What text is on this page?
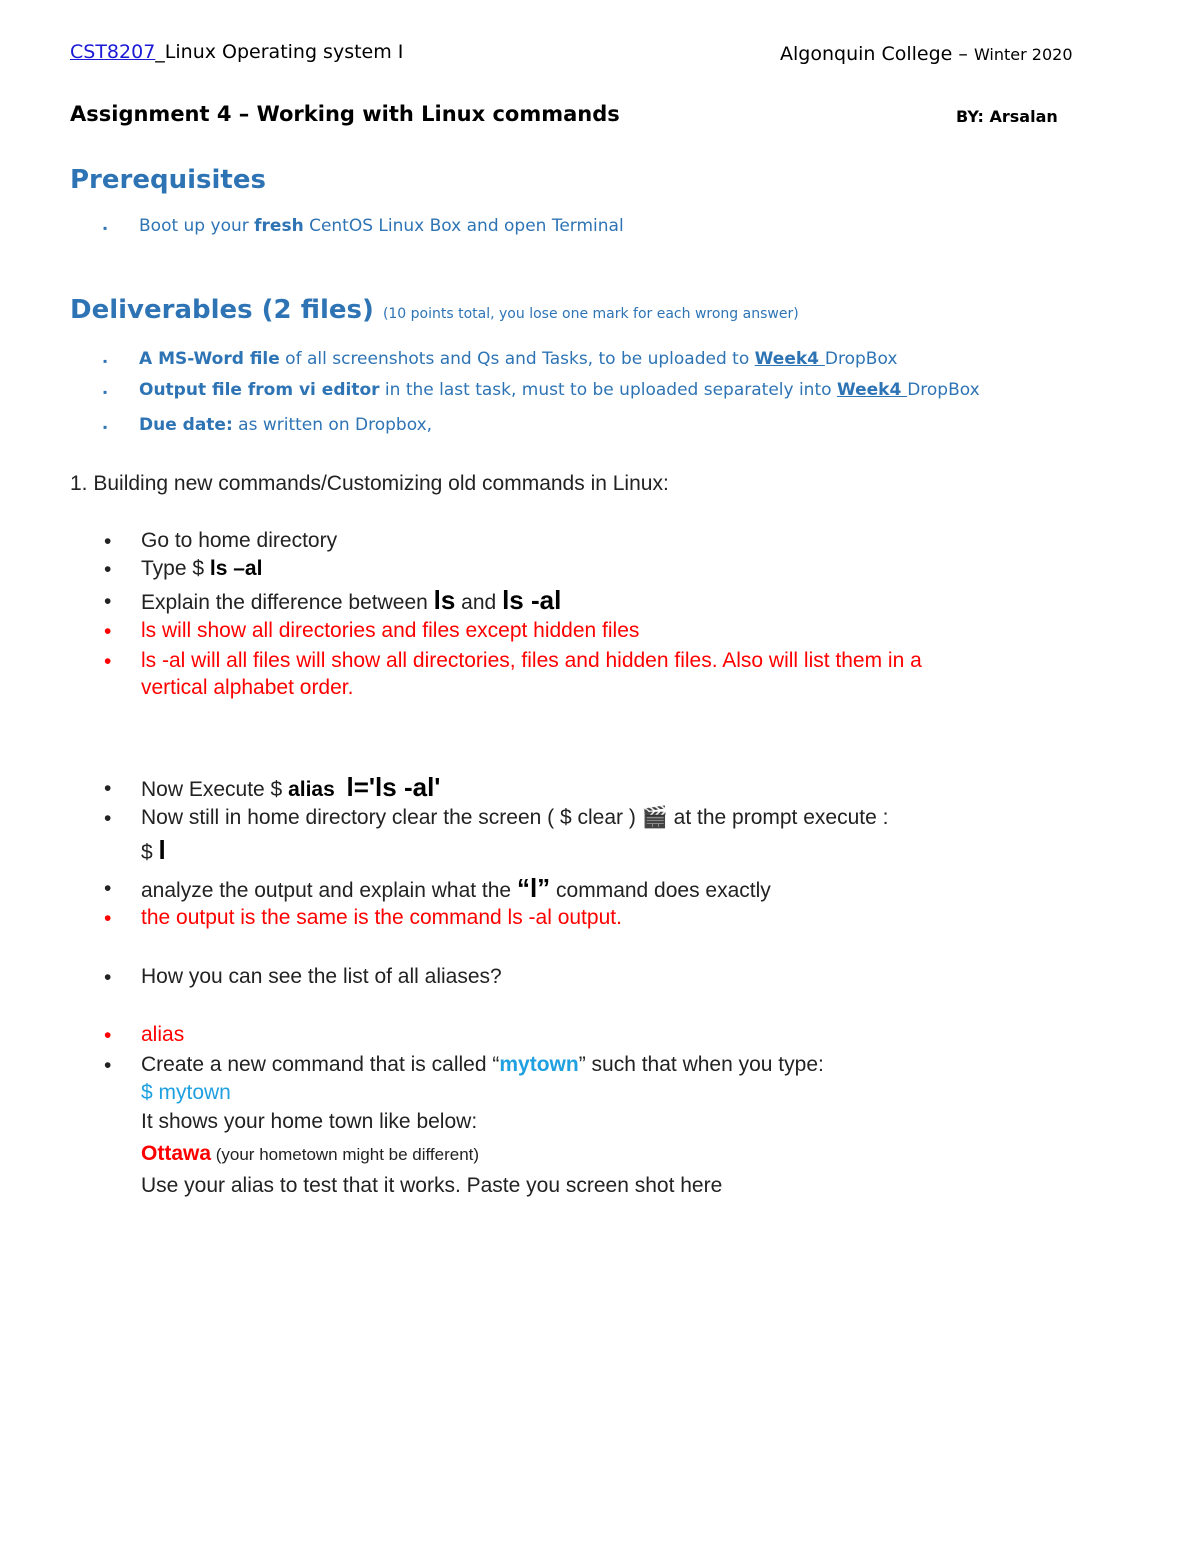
CST8207_Linux Operating system I	Algonquin College – Winter 2020
Assignment 4 – Working with Linux commands	BY: Arsalan
Prerequisites
▪ Boot up your fresh CentOS Linux Box and open Terminal
Deliverables (2 files) (10 points total, you lose one mark for each wrong answer)
▪ A MS-Word file of all screenshots and Qs and Tasks, to be uploaded to Week4 DropBox
▪ Output file from vi editor in the last task, must to be uploaded separately into Week4 DropBox
▪ Due date: as written on Dropbox,
1. Building new commands/Customizing old commands in Linux:
• Go to home directory
• Type $ ls –al
• Explain the difference between ls and ls -al
• ls will show all directories and files except hidden files
• ls -al will all files will show all directories, files and hidden files. Also will list them in a
vertical alphabet order.
• Now Execute $ alias l='ls -al'
• Now still in home directory clear the screen ( $ clear ) 🎬 at the prompt execute :
$ l
• analyze the output and explain what the “l” command does exactly
• the output is the same is the command ls -al output.
• How you can see the list of all aliases?
• alias
• Create a new command that is called “mytown” such that when you type:
$ mytown
It shows your home town like below:
Ottawa (your hometown might be different)
Use your alias to test that it works. Paste you screen shot here
